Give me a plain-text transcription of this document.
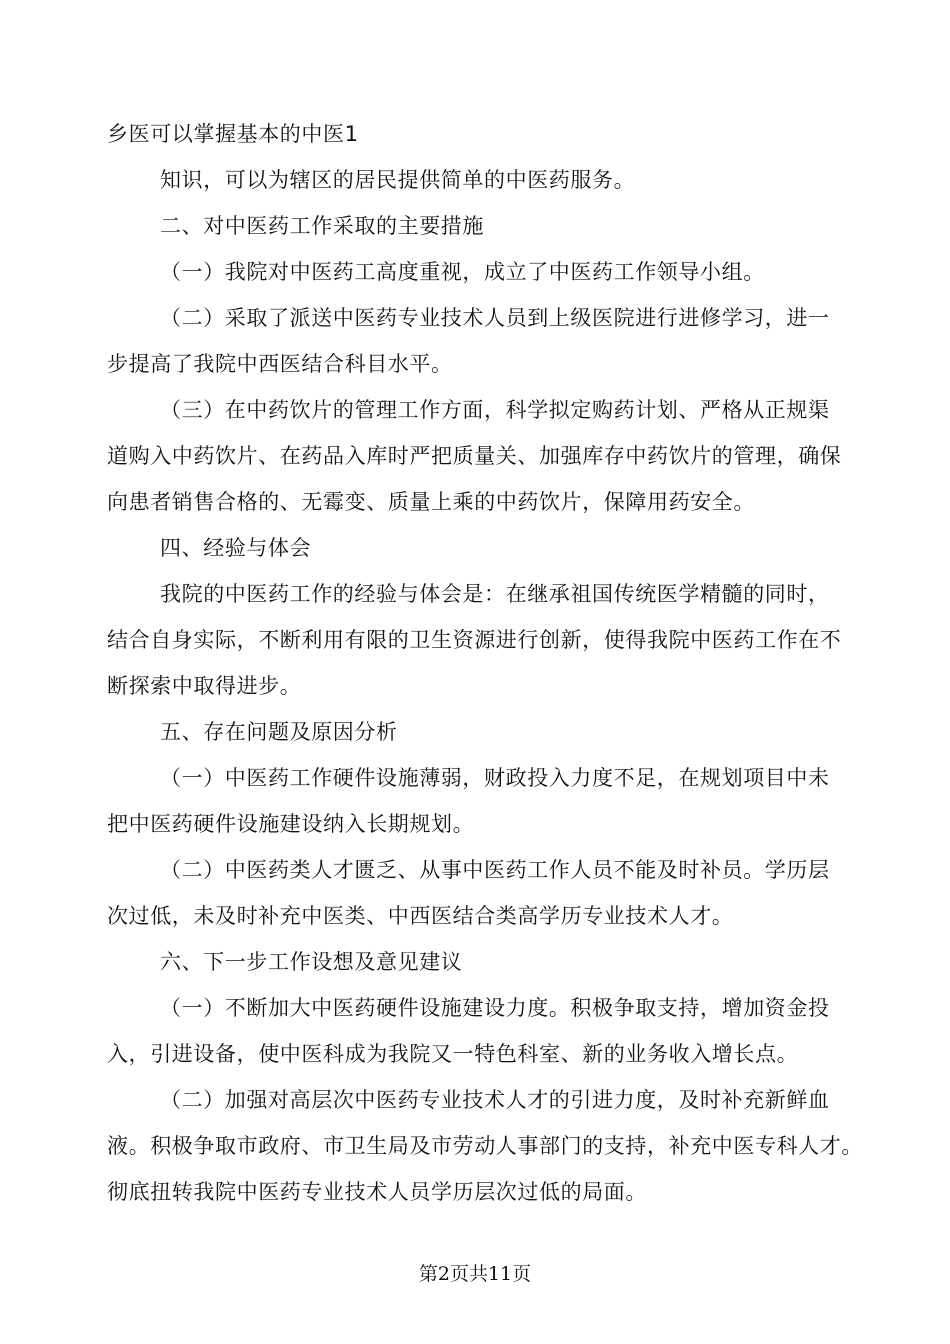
乡医可以掌握基本的中医1
知识，可以为辖区的居民提供简单的中医药服务。
二、对中医药工作采取的主要措施
（一）我院对中医药工高度重视，成立了中医药工作领导小组。
（二）采取了派送中医药专业技术人员到上级医院进行进修学习，进一
步提高了我院中西医结合科目水平。
（三）在中药饮片的管理工作方面，科学拟定购药计划、严格从正规渠
道购入中药饮片、在药品入库时严把质量关、加强库存中药饮片的管理，确保
向患者销售合格的、无霉变、质量上乘的中药饮片，保障用药安全。
四、经验与体会
我院的中医药工作的经验与体会是：在继承祖国传统医学精髓的同时，
结合自身实际，不断利用有限的卫生资源进行创新，使得我院中医药工作在不
断探索中取得进步。
五、存在问题及原因分析
（一）中医药工作硬件设施薄弱，财政投入力度不足，在规划项目中未
把中医药硬件设施建设纳入长期规划。
（二）中医药类人才匮乏、从事中医药工作人员不能及时补员。学历层
次过低，未及时补充中医类、中西医结合类高学历专业技术人才。
六、下一步工作设想及意见建议
（一）不断加大中医药硬件设施建设力度。积极争取支持，增加资金投
入，引进设备，使中医科成为我院又一特色科室、新的业务收入增长点。
（二）加强对高层次中医药专业技术人才的引进力度，及时补充新鲜血
液。积极争取市政府、市卫生局及市劳动人事部门的支持，补充中医专科人才。
彻底扭转我院中医药专业技术人员学历层次过低的局面。
第2页共11页
